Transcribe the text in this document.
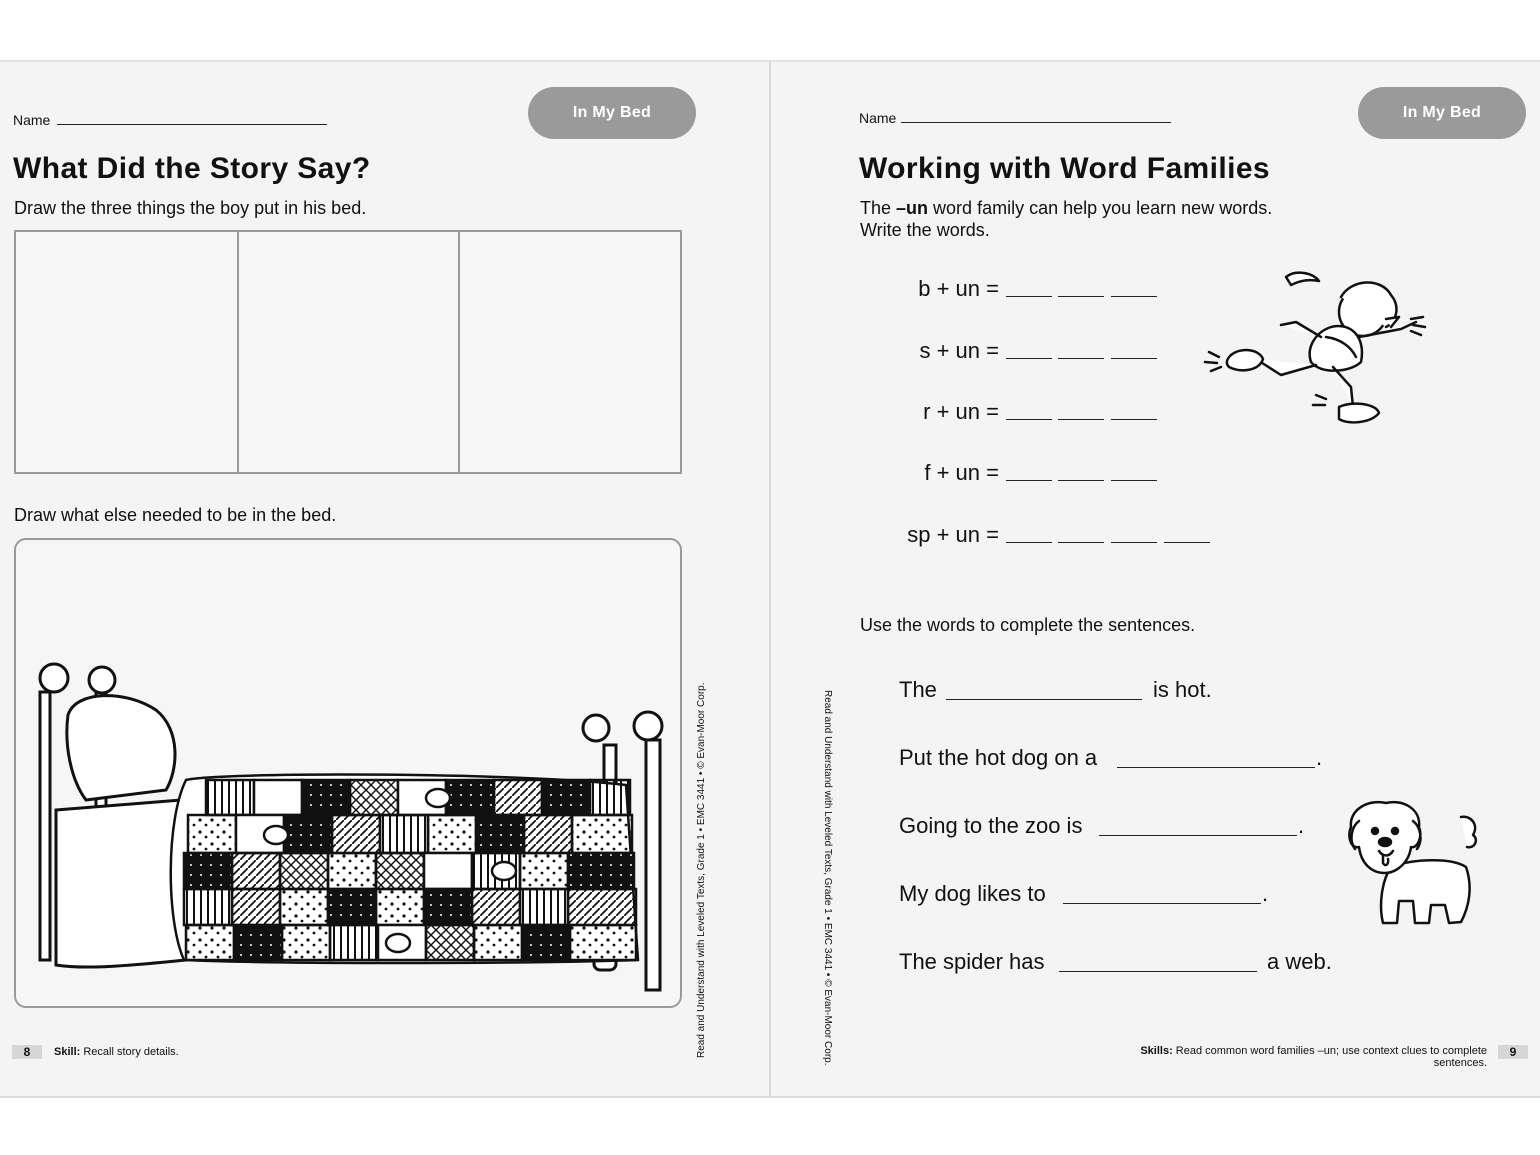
Name	In My Bed
What Did the Story Say?
Draw the three things the boy put in his bed.
Draw what else needed to be in the bed.
8	Skill: Recall story details.	Read and Understand with Leveled Texts, Grade 1 • EMC 3441 • © Evan-Moor Corp.
Name	In My Bed
Working with Word Families
The –un word family can help you learn new words.
Write the words.
b + un =
s + un =
r + un =
f + un =
sp + un =
Use the words to complete the sentences.
The	is hot.
Put the hot dog on a	.
Going to the zoo is	.
My dog likes to	.
The spider has	a web.
Read and Understand with Leveled Texts, Grade 1 • EMC 3441 • © Evan-Moor Corp.	Skills: Read common word families –un; use context clues to complete sentences.
9
